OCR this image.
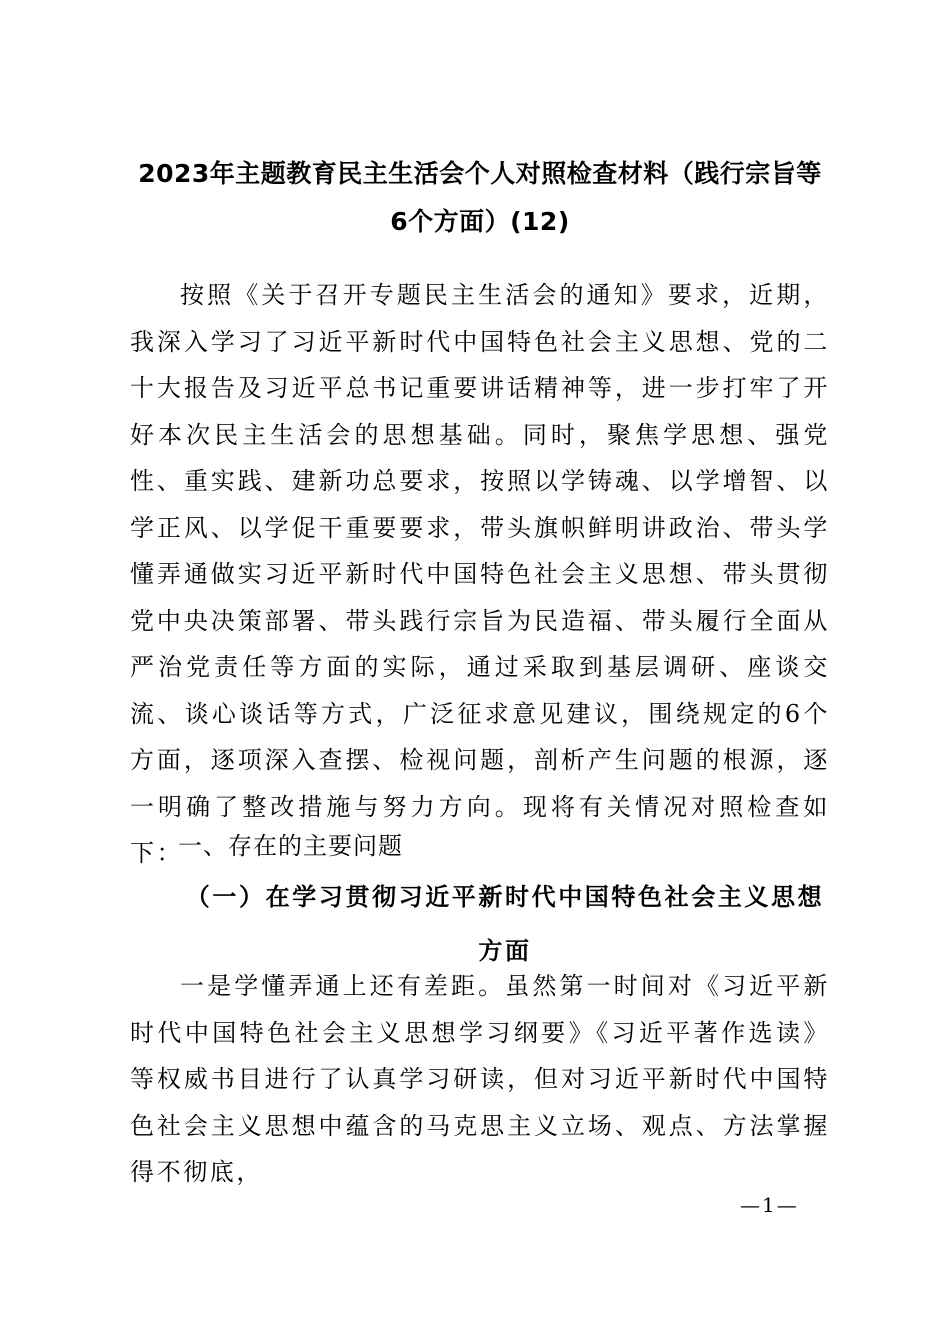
2023年主题教育民主生活会个人对照检查材料（践行宗旨等6个方面）(12)
按照《关于召开专题民主生活会的通知》要求，近期，我深入学习了习近平新时代中国特色社会主义思想、党的二十大报告及习近平总书记重要讲话精神等，进一步打牢了开好本次民主生活会的思想基础。同时，聚焦学思想、强党性、重实践、建新功总要求，按照以学铸魂、以学增智、以学正风、以学促干重要要求，带头旗帜鲜明讲政治、带头学懂弄通做实习近平新时代中国特色社会主义思想、带头贯彻党中央决策部署、带头践行宗旨为民造福、带头履行全面从严治党责任等方面的实际，通过采取到基层调研、座谈交流、谈心谈话等方式，广泛征求意见建议，围绕规定的6个方面，逐项深入查摆、检视问题，剖析产生问题的根源，逐一明确了整改措施与努力方向。现将有关情况对照检查如下：
一、存在的主要问题
（一）在学习贯彻习近平新时代中国特色社会主义思想方面
一是学懂弄通上还有差距。虽然第一时间对《习近平新时代中国特色社会主义思想学习纲要》《习近平著作选读》等权威书目进行了认真学习研读，但对习近平新时代中国特色社会主义思想中蕴含的马克思主义立场、观点、方法掌握得不彻底，
—1—
